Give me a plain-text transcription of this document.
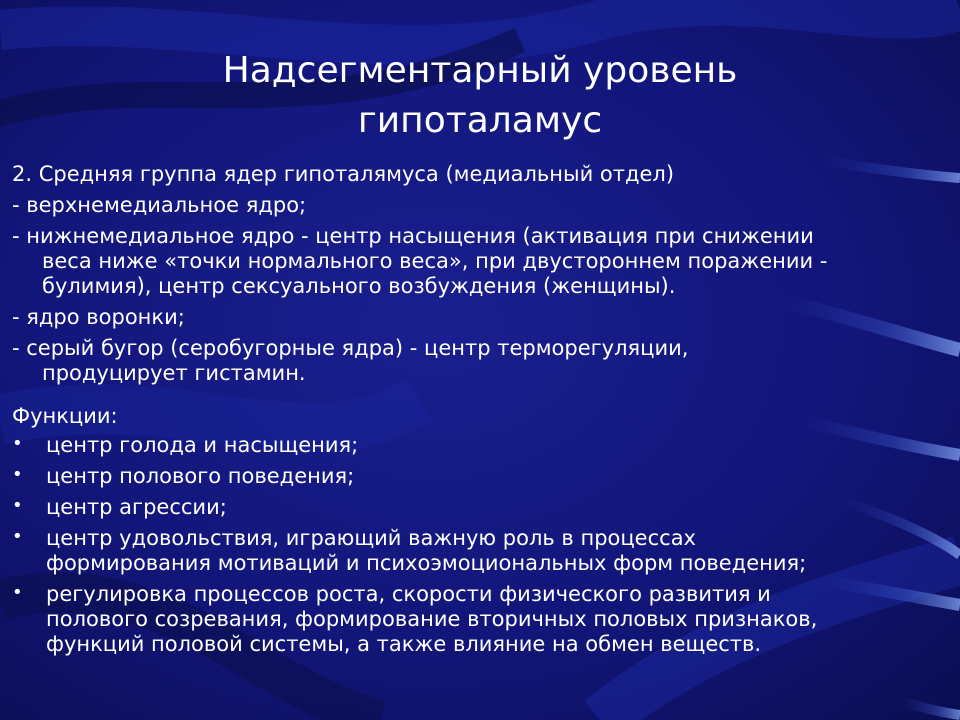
Надсегментарный уровень
гипоталамус

2. Средняя группа ядер гипоталямуса (медиальный отдел)

- верхнемедиальное ядро;

- нижнемедиальное ядро - центр насыщения (активация при снижении

веса ниже «точки нормального веса», при двустороннем поражении -

булимия), центр сексуального возбуждения (женщины).

- ядро воронки;

- серый бугор (серобугорные ядра) - центр терморегуляции,

продуцирует гистамин.

Функции:

• центр голода и насыщения;

• центр полового поведения;

• центр агрессии;

• центр удовольствия, играющий важную роль в процессах

формирования мотиваций и психоэмоциональных форм поведения;

• регулировка процессов роста, скорости физического развития и

полового созревания, формирование вторичных половых признаков,

функций половой системы, а также влияние на обмен веществ.
